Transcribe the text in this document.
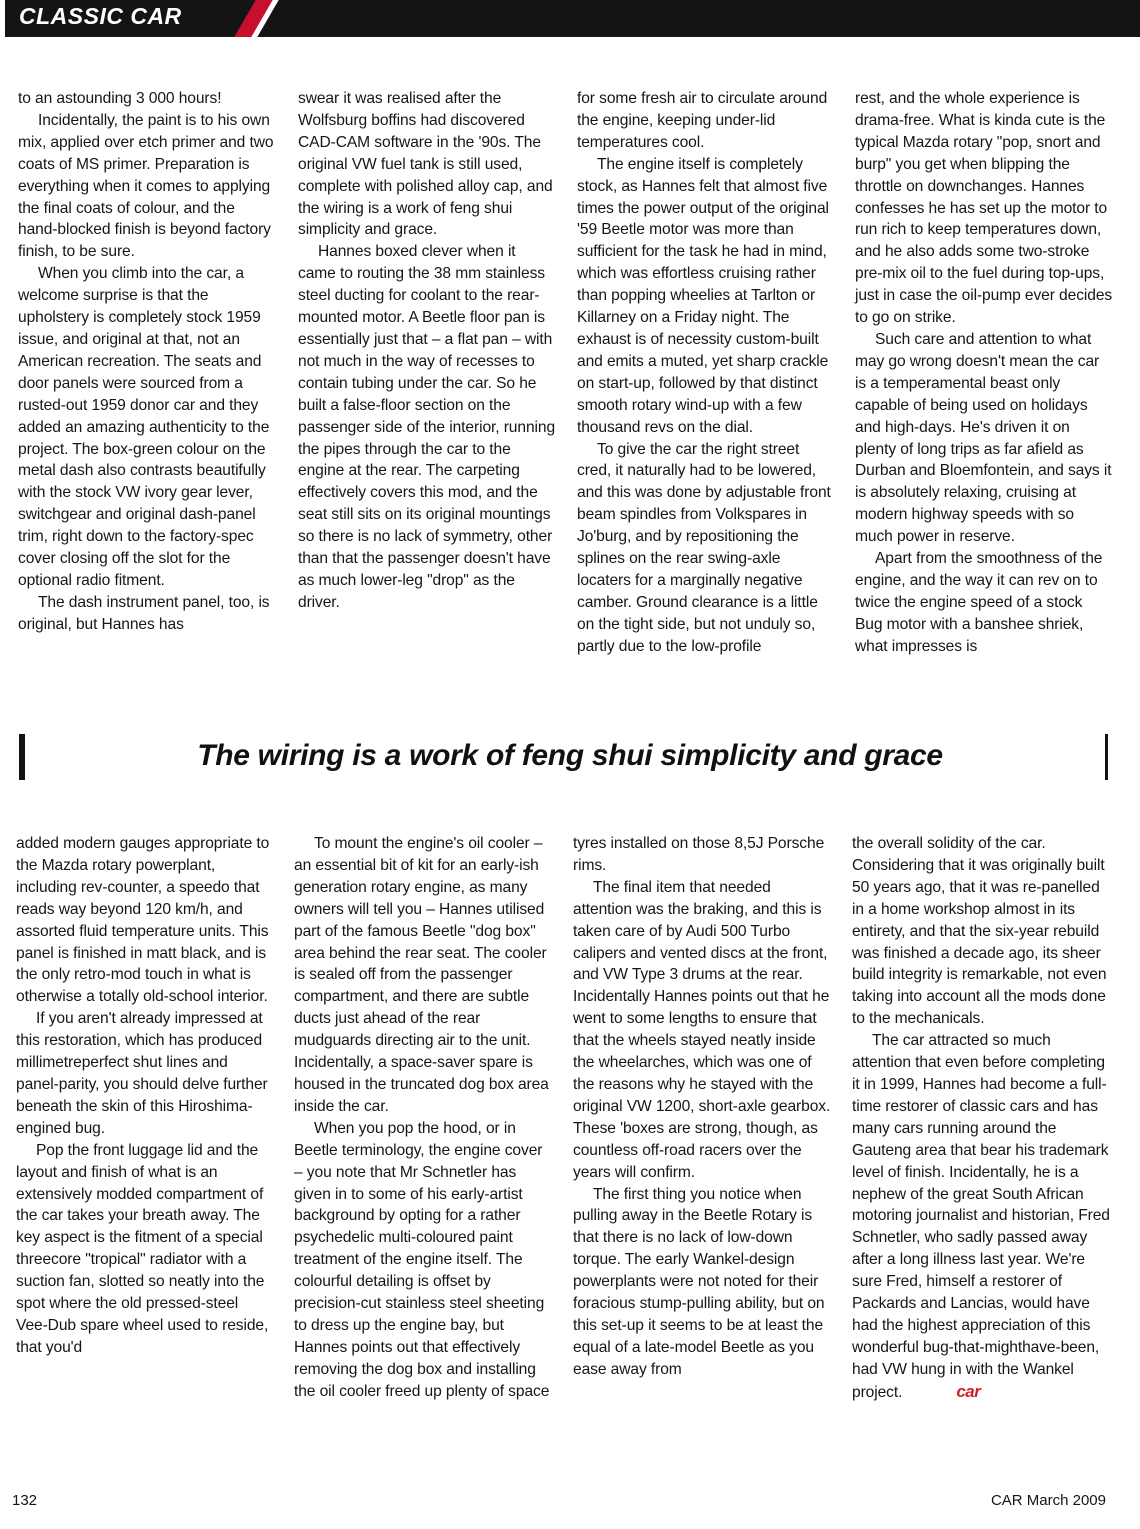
CLASSIC CAR

to an astounding 3 000 hours!

Incidentally, the paint is to his own mix, applied over etch primer and two coats of MS primer. Preparation is everything when it comes to applying the final coats of colour, and the hand-blocked finish is beyond factory finish, to be sure.

When you climb into the car, a welcome surprise is that the upholstery is completely stock 1959 issue, and original at that, not an American recreation. The seats and door panels were sourced from a rusted-out 1959 donor car and they added an amazing authenticity to the project. The box-green colour on the metal dash also contrasts beautifully with the stock VW ivory gear lever, switchgear and original dash-panel trim, right down to the factory-spec cover closing off the slot for the optional radio fitment.

The dash instrument panel, too, is original, but Hannes has

swear it was realised after the Wolfsburg boffins had discovered CAD-CAM software in the '90s. The original VW fuel tank is still used, complete with polished alloy cap, and the wiring is a work of feng shui simplicity and grace.

Hannes boxed clever when it came to routing the 38 mm stainless steel ducting for coolant to the rear-mounted motor. A Beetle floor pan is essentially just that – a flat pan – with not much in the way of recesses to contain tubing under the car. So he built a false-floor section on the passenger side of the interior, running the pipes through the car to the engine at the rear. The carpeting effectively covers this mod, and the seat still sits on its original mountings so there is no lack of symmetry, other than that the passenger doesn't have as much lower-leg "drop" as the driver.

for some fresh air to circulate around the engine, keeping under-lid temperatures cool.

The engine itself is completely stock, as Hannes felt that almost five times the power output of the original '59 Beetle motor was more than sufficient for the task he had in mind, which was effortless cruising rather than popping wheelies at Tarlton or Killarney on a Friday night. The exhaust is of necessity custom-built and emits a muted, yet sharp crackle on start-up, followed by that distinct smooth rotary wind-up with a few thousand revs on the dial.

To give the car the right street cred, it naturally had to be lowered, and this was done by adjustable front beam spindles from Volkspares in Jo'burg, and by repositioning the splines on the rear swing-axle locaters for a marginally negative camber. Ground clearance is a little on the tight side, but not unduly so, partly due to the low-profile

rest, and the whole experience is drama-free. What is kinda cute is the typical Mazda rotary "pop, snort and burp" you get when blipping the throttle on downchanges. Hannes confesses he has set up the motor to run rich to keep temperatures down, and he also adds some two-stroke pre-mix oil to the fuel during top-ups, just in case the oil-pump ever decides to go on strike.

Such care and attention to what may go wrong doesn't mean the car is a temperamental beast only capable of being used on holidays and high-days. He's driven it on plenty of long trips as far afield as Durban and Bloemfontein, and says it is absolutely relaxing, cruising at modern highway speeds with so much power in reserve.

Apart from the smoothness of the engine, and the way it can rev on to twice the engine speed of a stock Bug motor with a banshee shriek, what impresses is

The wiring is a work of feng shui simplicity and grace

added modern gauges appropriate to the Mazda rotary powerplant, including rev-counter, a speedo that reads way beyond 120 km/h, and assorted fluid temperature units. This panel is finished in matt black, and is the only retro-mod touch in what is otherwise a totally old-school interior.

If you aren't already impressed at this restoration, which has produced millimetreperfect shut lines and panel-parity, you should delve further beneath the skin of this Hiroshima-engined bug.

Pop the front luggage lid and the layout and finish of what is an extensively modded compartment of the car takes your breath away. The key aspect is the fitment of a special threecore "tropical" radiator with a suction fan, slotted so neatly into the spot where the old pressed-steel Vee-Dub spare wheel used to reside, that you'd

To mount the engine's oil cooler – an essential bit of kit for an early-ish generation rotary engine, as many owners will tell you – Hannes utilised part of the famous Beetle "dog box" area behind the rear seat. The cooler is sealed off from the passenger compartment, and there are subtle ducts just ahead of the rear mudguards directing air to the unit. Incidentally, a space-saver spare is housed in the truncated dog box area inside the car.

When you pop the hood, or in Beetle terminology, the engine cover – you note that Mr Schnetler has given in to some of his early-artist background by opting for a rather psychedelic multi-coloured paint treatment of the engine itself. The colourful detailing is offset by precision-cut stainless steel sheeting to dress up the engine bay, but Hannes points out that effectively removing the dog box and installing the oil cooler freed up plenty of space

tyres installed on those 8,5J Porsche rims.

The final item that needed attention was the braking, and this is taken care of by Audi 500 Turbo calipers and vented discs at the front, and VW Type 3 drums at the rear. Incidentally Hannes points out that he went to some lengths to ensure that that the wheels stayed neatly inside the wheelarches, which was one of the reasons why he stayed with the original VW 1200, short-axle gearbox. These 'boxes are strong, though, as countless off-road racers over the years will confirm.

The first thing you notice when pulling away in the Beetle Rotary is that there is no lack of low-down torque. The early Wankel-design powerplants were not noted for their foracious stump-pulling ability, but on this set-up it seems to be at least the equal of a late-model Beetle as you ease away from

the overall solidity of the car. Considering that it was originally built 50 years ago, that it was re-panelled in a home workshop almost in its entirety, and that the six-year rebuild was finished a decade ago, its sheer build integrity is remarkable, not even taking into account all the mods done to the mechanicals.

The car attracted so much attention that even before completing it in 1999, Hannes had become a full-time restorer of classic cars and has many cars running around the Gauteng area that bear his trademark level of finish. Incidentally, he is a nephew of the great South African motoring journalist and historian, Fred Schnetler, who sadly passed away after a long illness last year. We're sure Fred, himself a restorer of Packards and Lancias, would have had the highest appreciation of this wonderful bug-that-mighthave-been, had VW hung in with the Wankel project.	car

132	CAR March 2009
